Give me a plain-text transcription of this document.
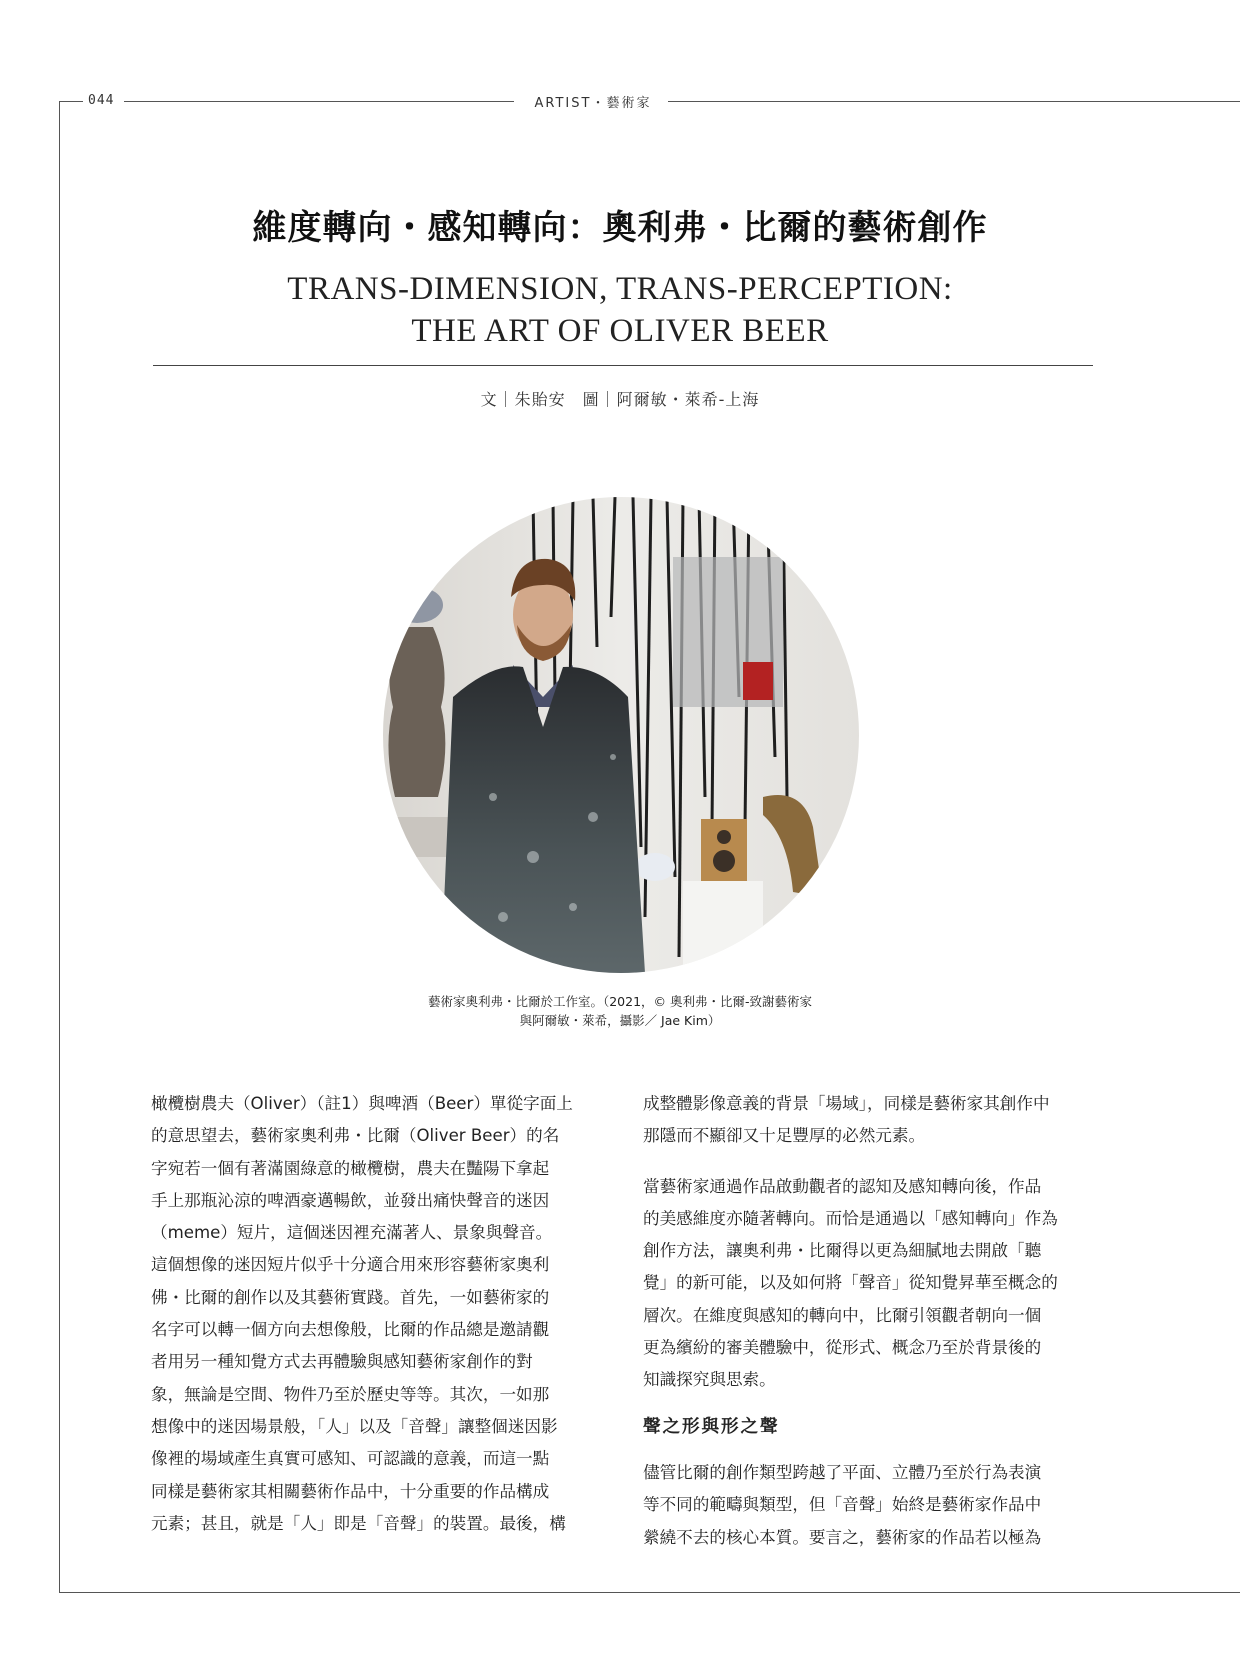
044	ARTIST・藝術家
維度轉向・感知轉向：奧利弗・比爾的藝術創作
TRANS-DIMENSION, TRANS-PERCEPTION:
THE ART OF OLIVER BEER
文｜朱貽安　圖｜阿爾敏・萊希-上海
藝術家奧利弗・比爾於工作室。（2021，© 奧利弗・比爾-致謝藝術家
與阿爾敏・萊希，攝影／ Jae Kim）
橄欖樹農夫（Oliver）（註1）與啤酒（Beer）單從字面上
的意思望去，藝術家奧利弗・比爾（Oliver Beer）的名
字宛若一個有著滿園綠意的橄欖樹，農夫在豔陽下拿起
手上那瓶沁涼的啤酒豪邁暢飲，並發出痛快聲音的迷因
（meme）短片，這個迷因裡充滿著人、景象與聲音。
這個想像的迷因短片似乎十分適合用來形容藝術家奧利
佛・比爾的創作以及其藝術實踐。首先，一如藝術家的
名字可以轉一個方向去想像般，比爾的作品總是邀請觀
者用另一種知覺方式去再體驗與感知藝術家創作的對
象，無論是空間、物件乃至於歷史等等。其次，一如那
想像中的迷因場景般，「人」以及「音聲」讓整個迷因影
像裡的場域產生真實可感知、可認識的意義，而這一點
同樣是藝術家其相關藝術作品中，十分重要的作品構成
元素；甚且，就是「人」即是「音聲」的裝置。最後，構
成整體影像意義的背景「場域」，同樣是藝術家其創作中
那隱而不顯卻又十足豐厚的必然元素。
當藝術家通過作品啟動觀者的認知及感知轉向後，作品
的美感維度亦隨著轉向。而恰是通過以「感知轉向」作為
創作方法，讓奧利弗・比爾得以更為細膩地去開啟「聽
覺」的新可能，以及如何將「聲音」從知覺昇華至概念的
層次。在維度與感知的轉向中，比爾引領觀者朝向一個
更為繽紛的審美體驗中，從形式、概念乃至於背景後的
知識探究與思索。
聲之形與形之聲
儘管比爾的創作類型跨越了平面、立體乃至於行為表演
等不同的範疇與類型，但「音聲」始終是藝術家作品中
縈繞不去的核心本質。要言之，藝術家的作品若以極為
